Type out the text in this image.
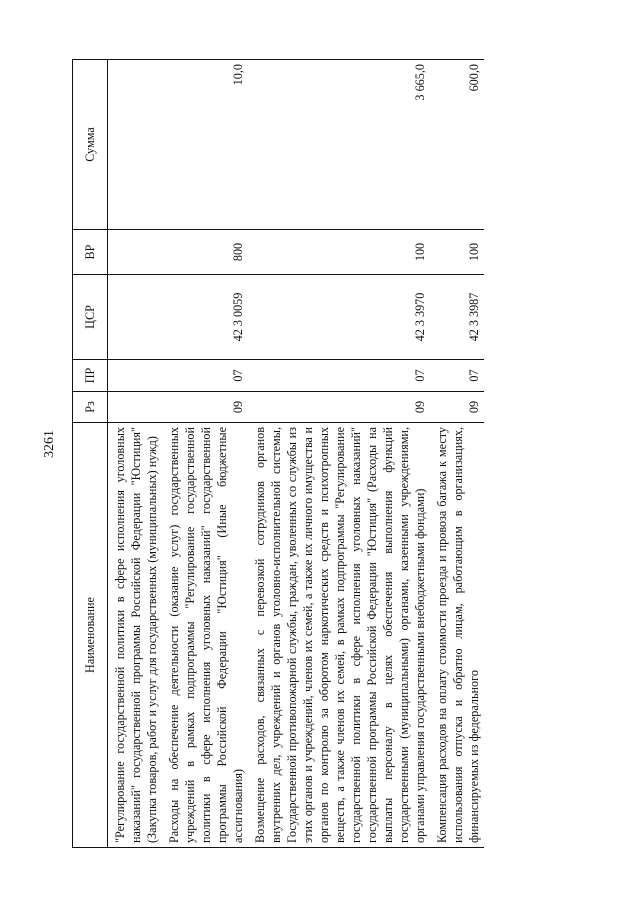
3261
Наименование	Рз	ПР	ЦСР	ВР	Сумма
"Регулирование государственной политики в сфере исполнения уголовных наказаний" государственной программы Российской Федерации "Юстиция" (Закупка товаров, работ и услуг для государственных (муниципальных) нужд)					
Расходы на обеспечение деятельности (оказание услуг) государственных учреждений в рамках подпрограммы "Регулирование государственной политики в сфере исполнения уголовных наказаний" государственной программы Российской Федерации "Юстиция" (Иные бюджетные ассигнования)	09	07	42 3 0059	800	10,0
Возмещение расходов, связанных с перевозкой сотрудников органов внутренних дел, учреждений и органов уголовно-исполнительной системы, Государственной противопожарной службы, граждан, уволенных со службы из этих органов и учреждений, членов их семей, а также их личного имущества и органов по контролю за оборотом наркотических средств и психотропных веществ, а также членов их семей, в рамках подпрограммы "Регулирование государственной политики в сфере исполнения уголовных наказаний" государственной программы Российской Федерации "Юстиция" (Расходы на выплаты персоналу в целях обеспечения выполнения функций государственными (муниципальными) органами, казенными учреждениями, органами управления государственными внебюджетными фондами)	09	07	42 3 3970	100	3 665,0
Компенсация расходов на оплату стоимости проезда и провоза багажа к месту использования отпуска и обратно лицам, работающим в организациях, финансируемых из федерального	09	07	42 3 3987	100	600,0
